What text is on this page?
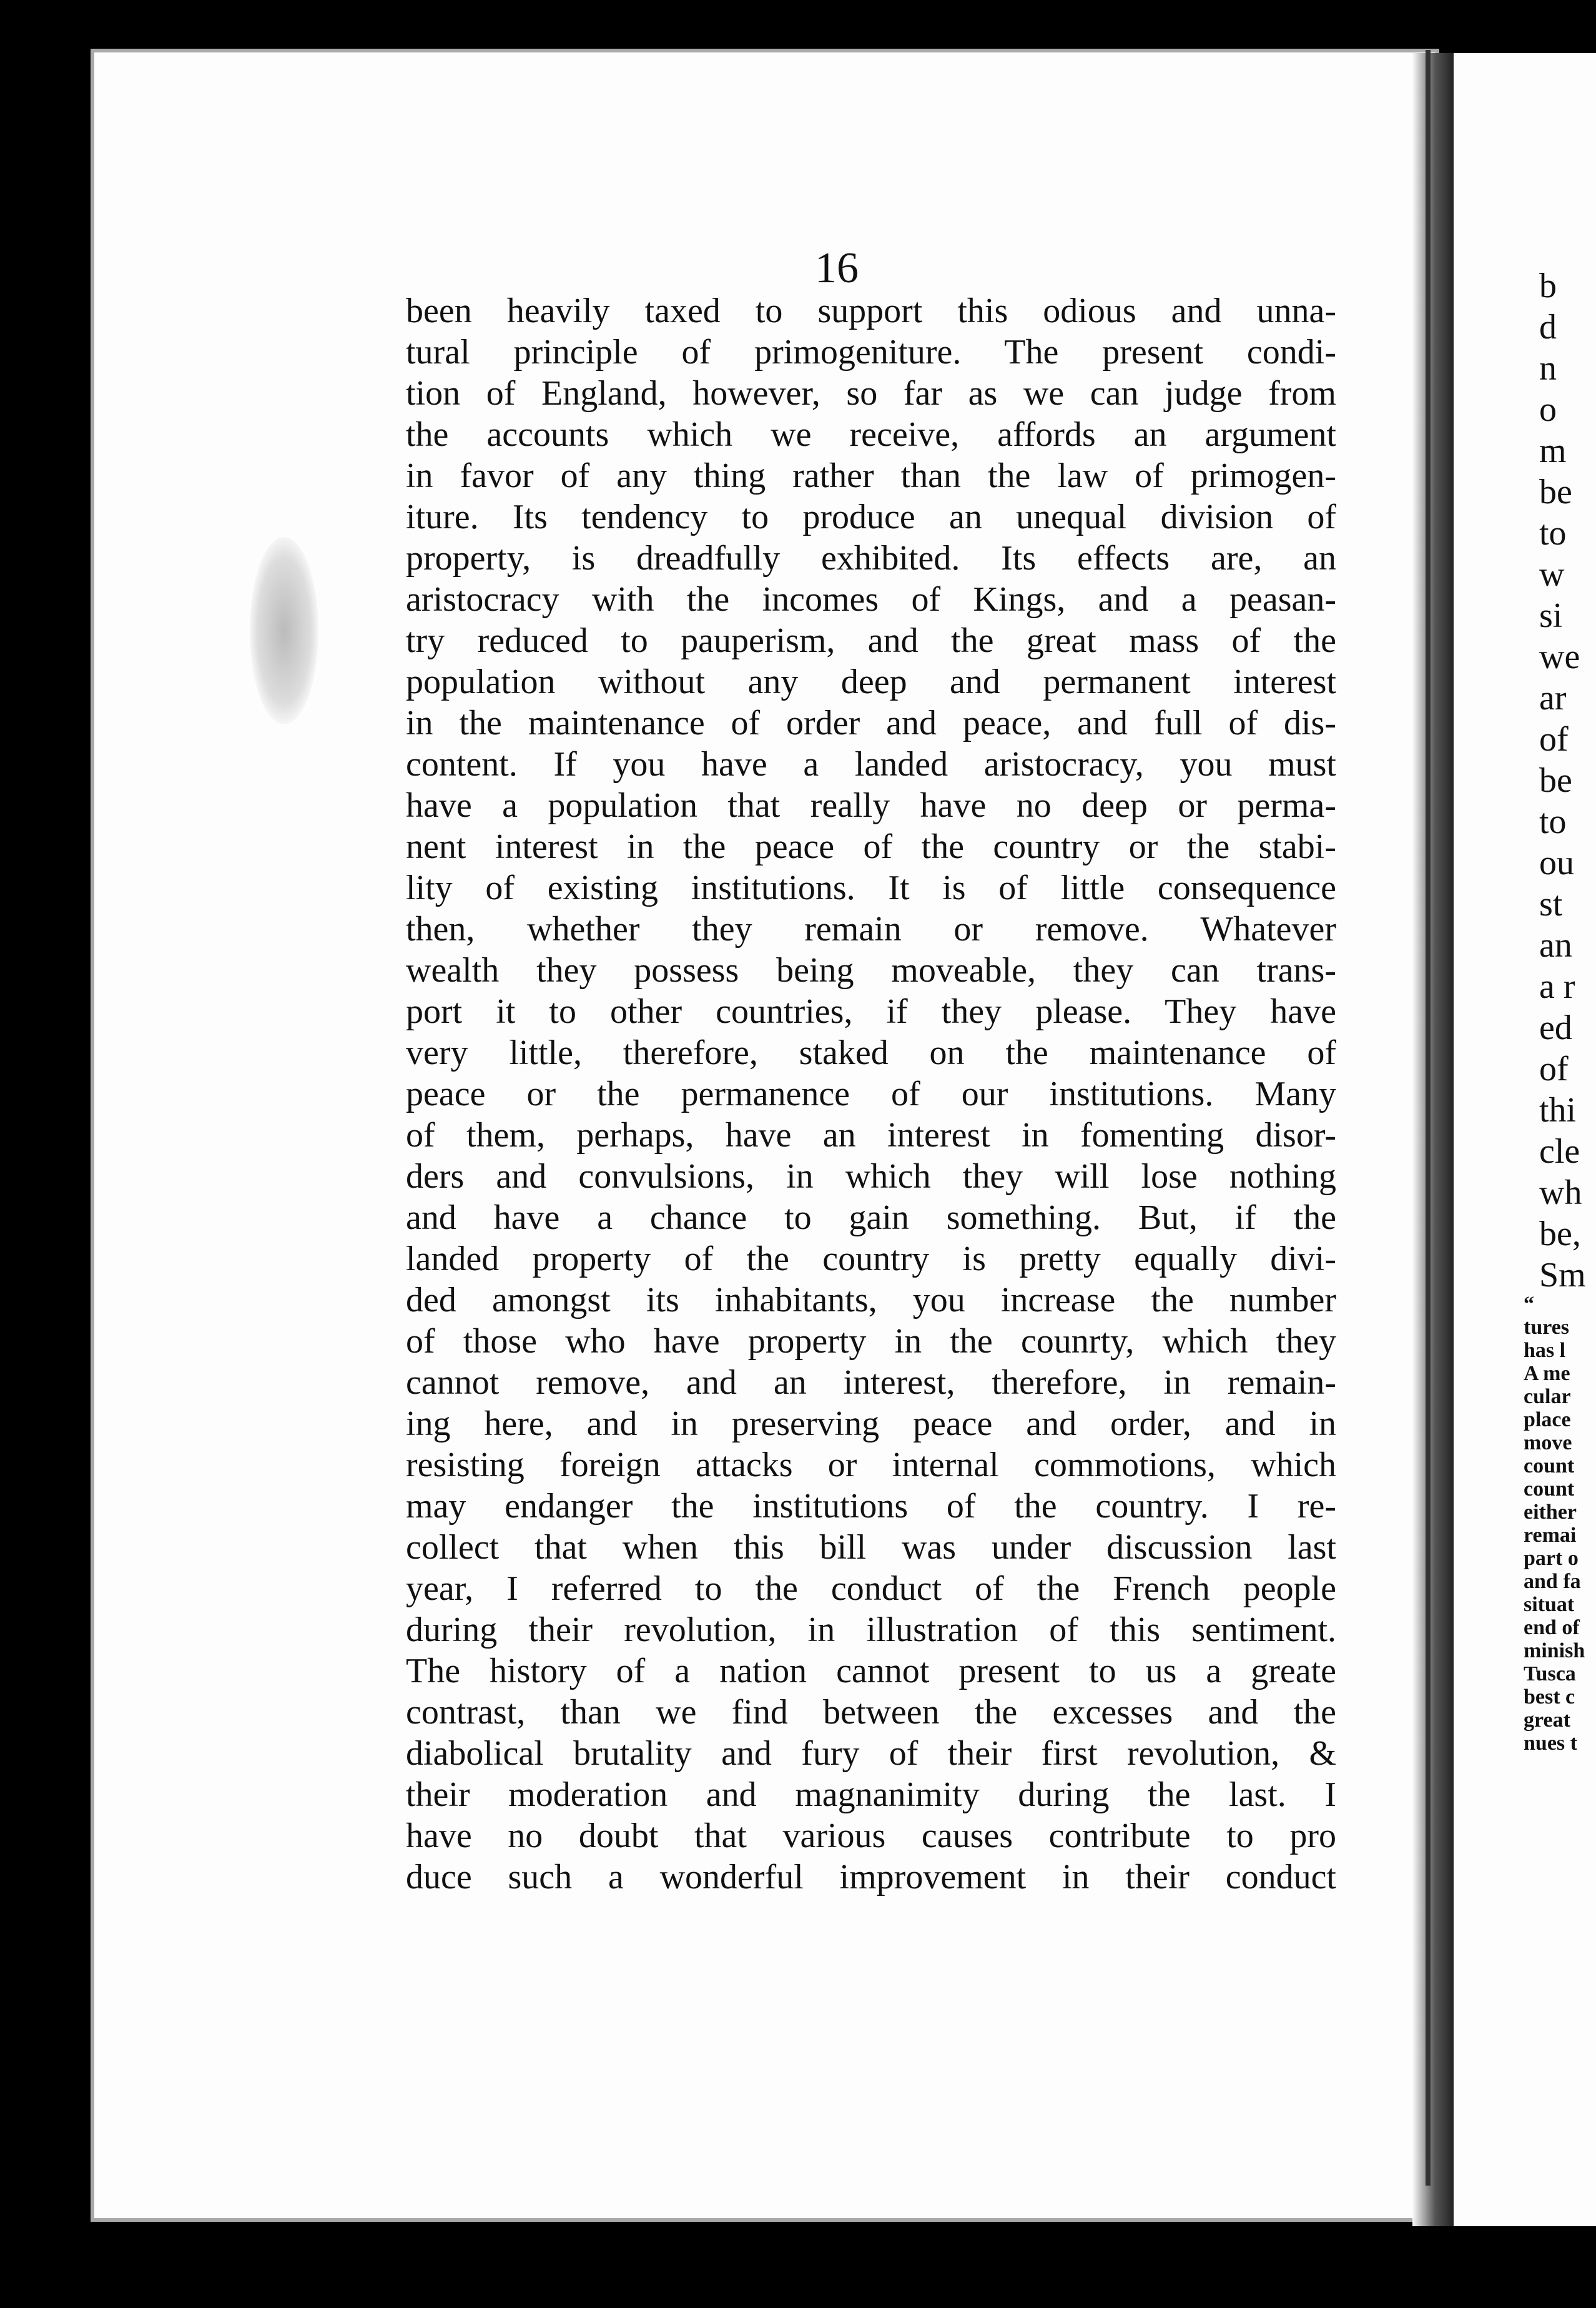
16
been heavily taxed to support this odious and unna-
tural principle of primogeniture. The present condi-
tion of England, however, so far as we can judge from
the accounts which we receive, affords an argument
in favor of any thing rather than the law of primogen-
iture. Its tendency to produce an unequal division of
property, is dreadfully exhibited. Its effects are, an
aristocracy with the incomes of Kings, and a peasan-
try reduced to pauperism, and the great mass of the
population without any deep and permanent interest
in the maintenance of order and peace, and full of dis-
content. If you have a landed aristocracy, you must
have a population that really have no deep or perma-
nent interest in the peace of the country or the stabi-
lity of existing institutions. It is of little consequence
then, whether they remain or remove. Whatever
wealth they possess being moveable, they can trans-
port it to other countries, if they please. They have
very little, therefore, staked on the maintenance of
peace or the permanence of our institutions. Many
of them, perhaps, have an interest in fomenting disor-
ders and convulsions, in which they will lose nothing
and have a chance to gain something. But, if the
landed property of the country is pretty equally divi-
ded amongst its inhabitants, you increase the number
of those who have property in the counrty, which they
cannot remove, and an interest, therefore, in remain-
ing here, and in preserving peace and order, and in
resisting foreign attacks or internal commotions, which
may endanger the institutions of the country. I re-
collect that when this bill was under discussion last
year, I referred to the conduct of the French people
during their revolution, in illustration of this sentiment.
The history of a nation cannot present to us a greate
contrast, than we find between the excesses and the
diabolical brutality and fury of their first revolution, &
their moderation and magnanimity during the last. I
have no doubt that various causes contribute to pro
duce such a wonderful improvement in their conduct
b
d
n
o
m
be
to
w
si
we
ar
of
be
to
ou
st
an
a r
ed
of
thi
cle
wh
be,
Sm
“
tures
has l
A me
cular
place
move
count
count
either
remai
part o
and fa
situat
end of
minish
Tusca
best c
great
nues t
